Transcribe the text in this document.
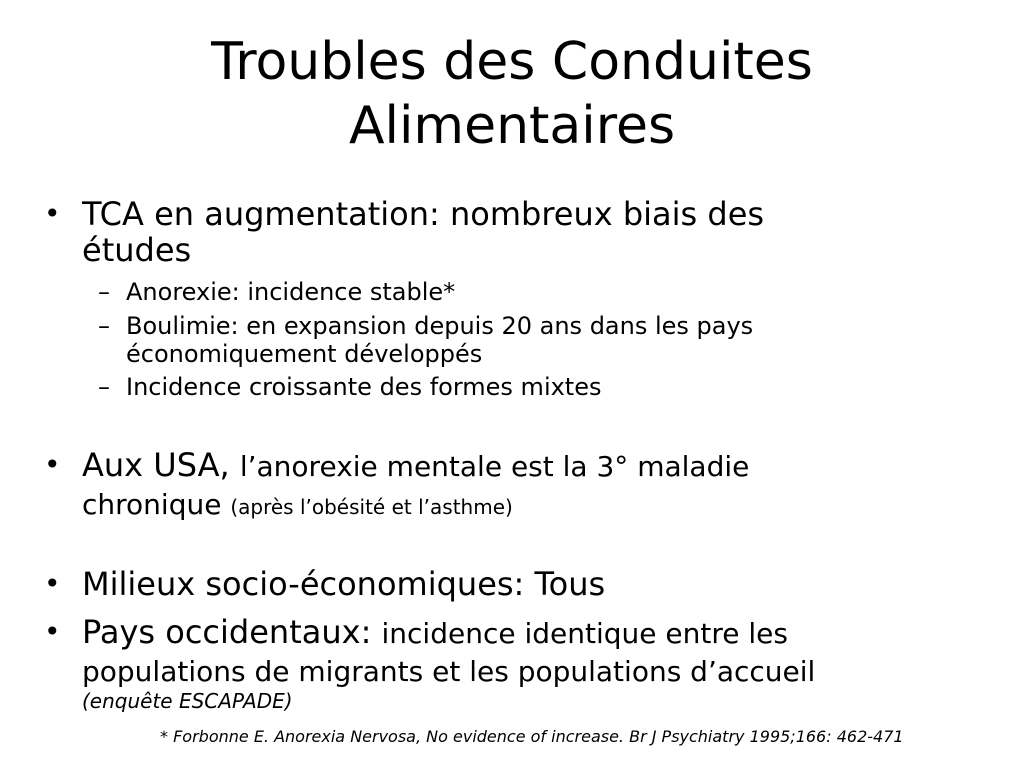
Troubles des Conduites
Alimentaires
• TCA en augmentation: nombreux biais des
études
– Anorexie: incidence stable*
– Boulimie: en expansion depuis 20 ans dans les pays
économiquement développés
– Incidence croissante des formes mixtes
• Aux USA, l’anorexie mentale est la 3° maladie
chronique (après l’obésité et l’asthme)
• Milieux socio-économiques: Tous
• Pays occidentaux: incidence identique entre les
populations de migrants et les populations d’accueil
(enquête ESCAPADE)
* Forbonne E. Anorexia Nervosa, No evidence of increase. Br J Psychiatry 1995;166: 462-471
